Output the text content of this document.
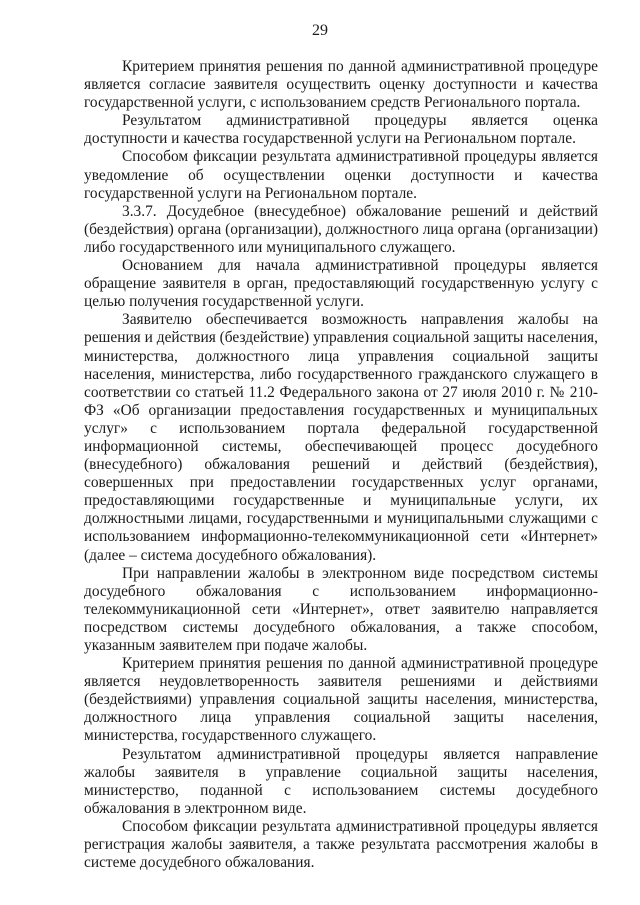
29

Критерием принятия решения по данной административной процедуре является согласие заявителя осуществить оценку доступности и качества государственной услуги, с использованием средств Регионального портала.

Результатом административной процедуры является оценка доступности и качества государственной услуги на Региональном портале.

Способом фиксации результата административной процедуры является уведомление об осуществлении оценки доступности и качества государственной услуги на Региональном портале.

3.3.7. Досудебное (внесудебное) обжалование решений и действий (бездействия) органа (организации), должностного лица органа (организации) либо государственного или муниципального служащего.

Основанием для начала административной процедуры является обращение заявителя в орган, предоставляющий государственную услугу с целью получения государственной услуги.

Заявителю обеспечивается возможность направления жалобы на решения и действия (бездействие) управления социальной защиты населения, министерства, должностного лица управления социальной защиты населения, министерства, либо государственного гражданского служащего в соответствии со статьей 11.2 Федерального закона от 27 июля 2010 г. № 210-ФЗ «Об организации предоставления государственных и муниципальных услуг» с использованием портала федеральной государственной информационной системы, обеспечивающей процесс досудебного (внесудебного) обжалования решений и действий (бездействия), совершенных при предоставлении государственных услуг органами, предоставляющими государственные и муниципальные услуги, их должностными лицами, государственными и муниципальными служащими с использованием информационно-телекоммуникационной сети «Интернет» (далее – система досудебного обжалования).

При направлении жалобы в электронном виде посредством системы досудебного обжалования с использованием информационно-телекоммуникационной сети «Интернет», ответ заявителю направляется посредством системы досудебного обжалования, а также способом, указанным заявителем при подаче жалобы.

Критерием принятия решения по данной административной процедуре является неудовлетворенность заявителя решениями и действиями (бездействиями) управления социальной защиты населения, министерства, должностного лица управления социальной защиты населения, министерства, государственного служащего.

Результатом административной процедуры является направление жалобы заявителя в управление социальной защиты населения, министерство, поданной с использованием системы досудебного обжалования в электронном виде.

Способом фиксации результата административной процедуры является регистрация жалобы заявителя, а также результата рассмотрения жалобы в системе досудебного обжалования.
